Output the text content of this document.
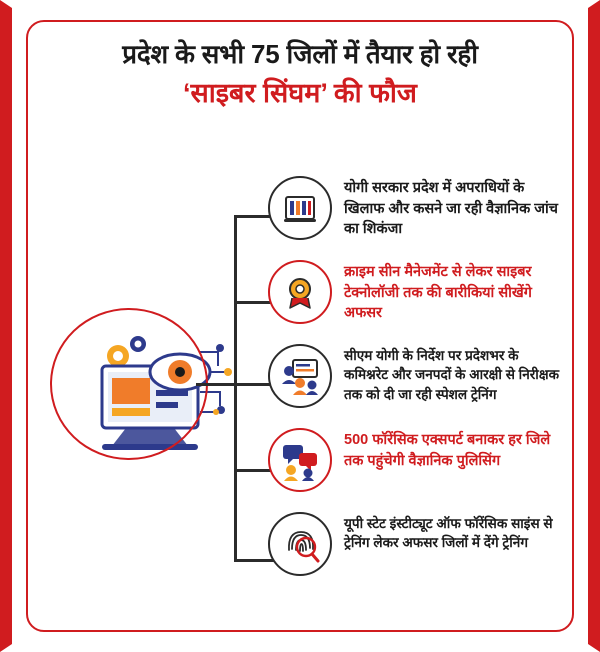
प्रदेश के सभी 75 जिलों में तैयार हो रही
‘साइबर सिंघम’ की फौज
योगी सरकार प्रदेश में अपराधियों के खिलाफ और कसने जा रही वैज्ञानिक जांच का शिकंजा
क्राइम सीन मैनेजमेंट से लेकर साइबर टेक्नोलॉजी तक की बारीकियां सीखेंगे अफसर
सीएम योगी के निर्देश पर प्रदेशभर के कमिश्नरेट और जनपदों के आरक्षी से निरीक्षक तक को दी जा रही स्पेशल ट्रेनिंग
500 फॉरेंसिक एक्सपर्ट बनाकर हर जिले तक पहुंचेगी वैज्ञानिक पुलिसिंग
यूपी स्टेट इंस्टीट्यूट ऑफ फॉरेंसिक साइंस से ट्रेनिंग लेकर अफसर जिलों में देंगे ट्रेनिंग
